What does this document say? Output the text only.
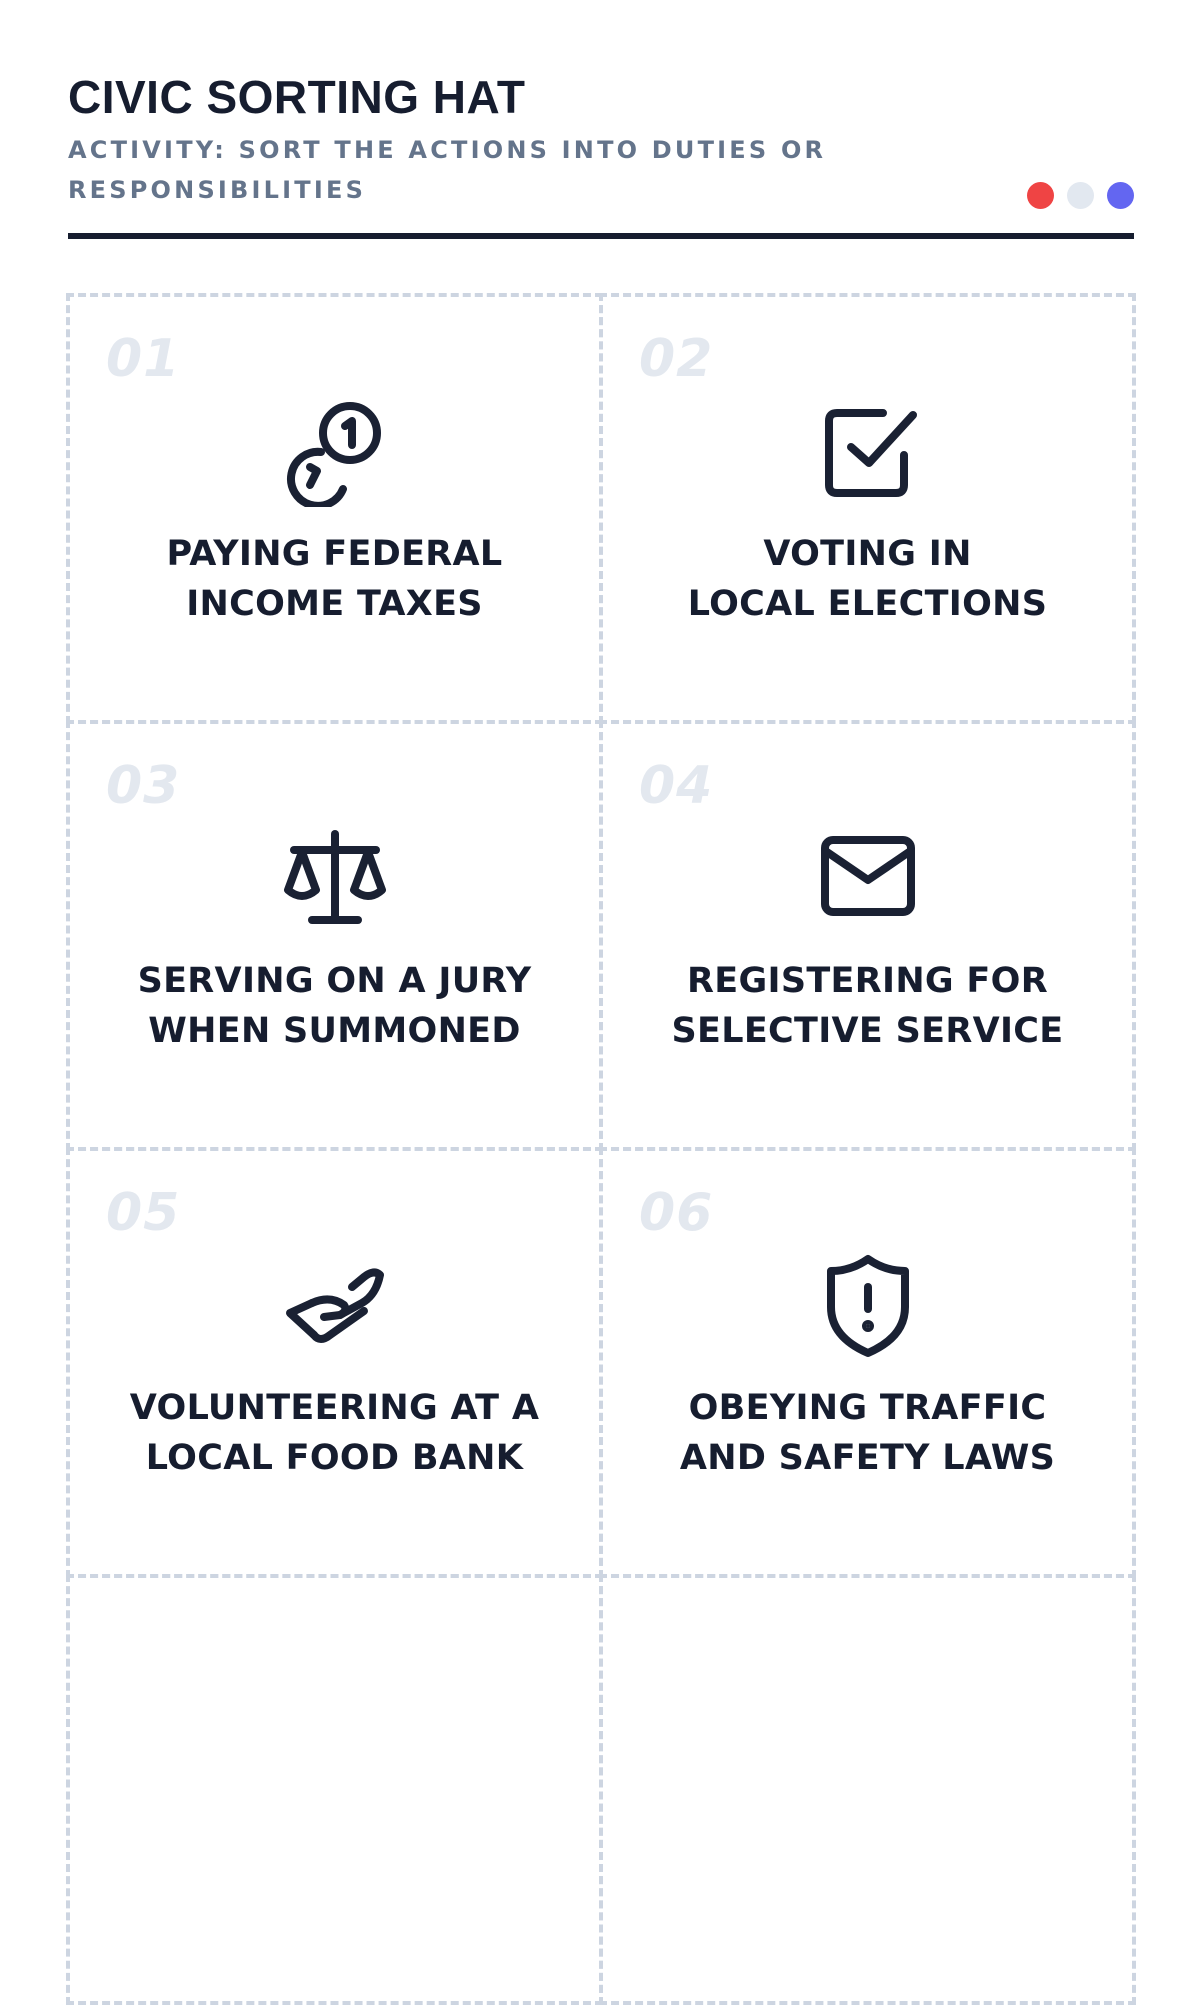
CIVIC SORTING HAT
ACTIVITY: SORT THE ACTIONS INTO DUTIES OR RESPONSIBILITIES
01
PAYING FEDERAL
INCOME TAXES
02
VOTING IN
LOCAL ELECTIONS
03
SERVING ON A JURY
WHEN SUMMONED
04
REGISTERING FOR
SELECTIVE SERVICE
05
VOLUNTEERING AT A
LOCAL FOOD BANK
06
OBEYING TRAFFIC
AND SAFETY LAWS
